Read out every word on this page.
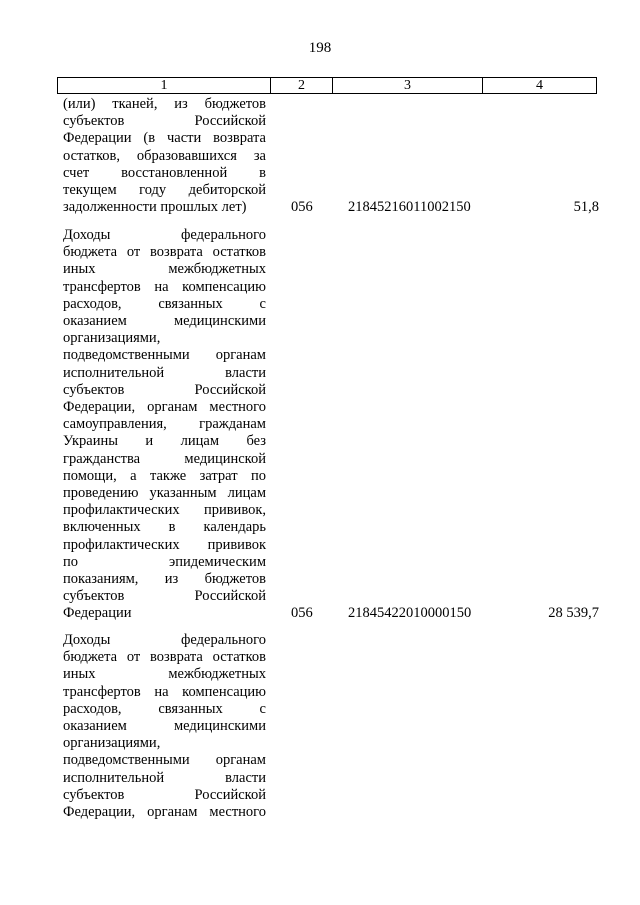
198
1	2	3	4
(или) тканей, из бюджетов
субъектов Российской
Федерации (в части возврата
остатков, образовавшихся за
счет восстановленной в
текущем году дебиторской
задолженности прошлых лет)	056 21845216011002150	51,8
Доходы федерального
бюджета от возврата остатков
иных межбюджетных
трансфертов на компенсацию
расходов, связанных с
оказанием медицинскими
организациями,
подведомственными органам
исполнительной власти
субъектов Российской
Федерации, органам местного
самоуправления, гражданам
Украины и лицам без
гражданства медицинской
помощи, а также затрат по
проведению указанным лицам
профилактических прививок,
включенных в календарь
профилактических прививок
по эпидемическим
показаниям, из бюджетов
субъектов Российской
Федерации	056 21845422010000150	28 539,7
Доходы федерального
бюджета от возврата остатков
иных межбюджетных
трансфертов на компенсацию
расходов, связанных с
оказанием медицинскими
организациями,
подведомственными органам
исполнительной власти
субъектов Российской
Федерации, органам местного
